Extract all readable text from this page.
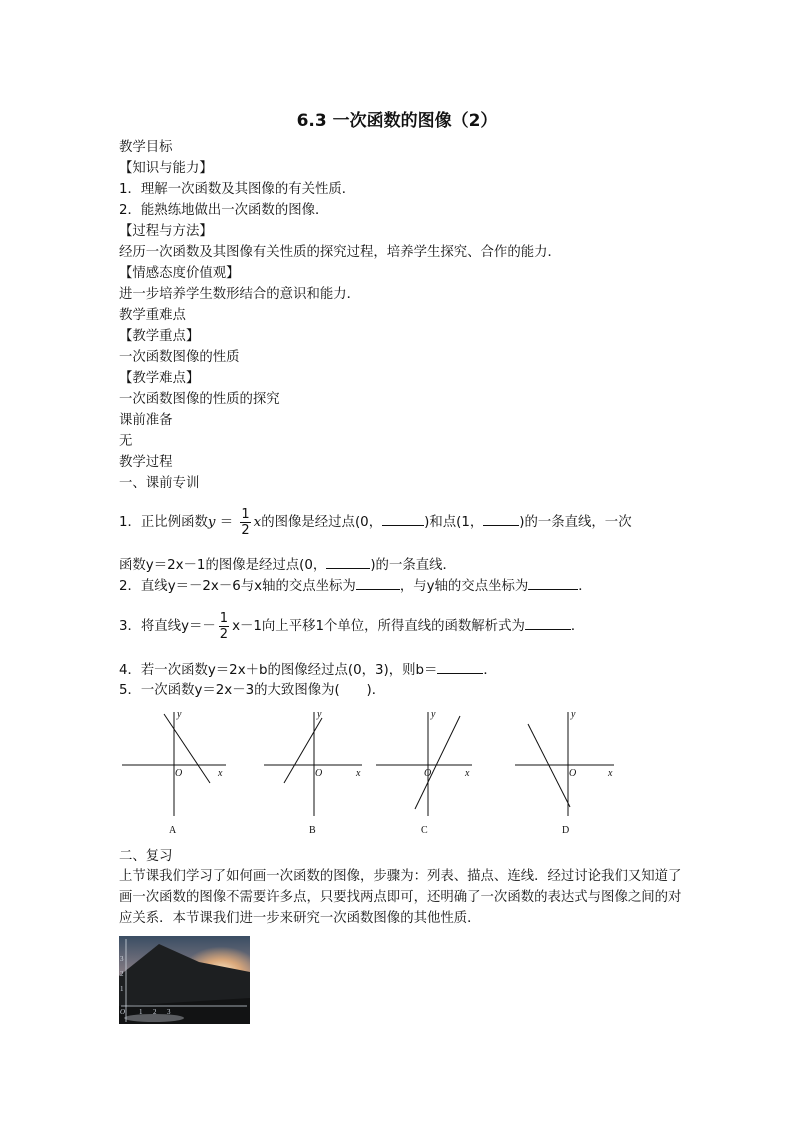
6.3 一次函数的图像（2）
教学目标
【知识与能力】
1．理解一次函数及其图像的有关性质．
2．能熟练地做出一次函数的图像．
【过程与方法】
经历一次函数及其图像有关性质的探究过程，培养学生探究、合作的能力．
【情感态度价值观】
进一步培养学生数形结合的意识和能力．
教学重难点
【教学重点】
一次函数图像的性质
【教学难点】
一次函数图像的性质的探究
课前准备
无
教学过程
一、课前专训
1．正比例函数$y = \frac{1}{2}$ x的图像是经过点(0，	)和点(1，	)的一条直线，一次
函数y＝2x－1的图像是经过点(0，	)的一条直线．
2．直线y＝－2x－6与x轴的交点坐标为	，与y轴的交点坐标为	．
3．将直线$y=- \frac{1}{2} x-1$向上平移1个单位，所得直线的函数解析式为	．
4．若一次函数y＝2x＋b的图像经过点(0，3)，则b＝	．
5．一次函数y＝2x－3的大致图像为(　　)．
y
x
O
y
x
O
y
x
O
y
x
O
A	B	C	D
二、复习
上节课我们学习了如何画一次函数的图像，步骤为：列表、描点、连线．经过讨论我们又知道了画一次函数的图像不需要许多点，只要找两点即可，还明确了一次函数的表达式与图像之间的对应关系．本节课我们进一步来研究一次函数图像的其他性质．
3
2
1
1 2 3
O
